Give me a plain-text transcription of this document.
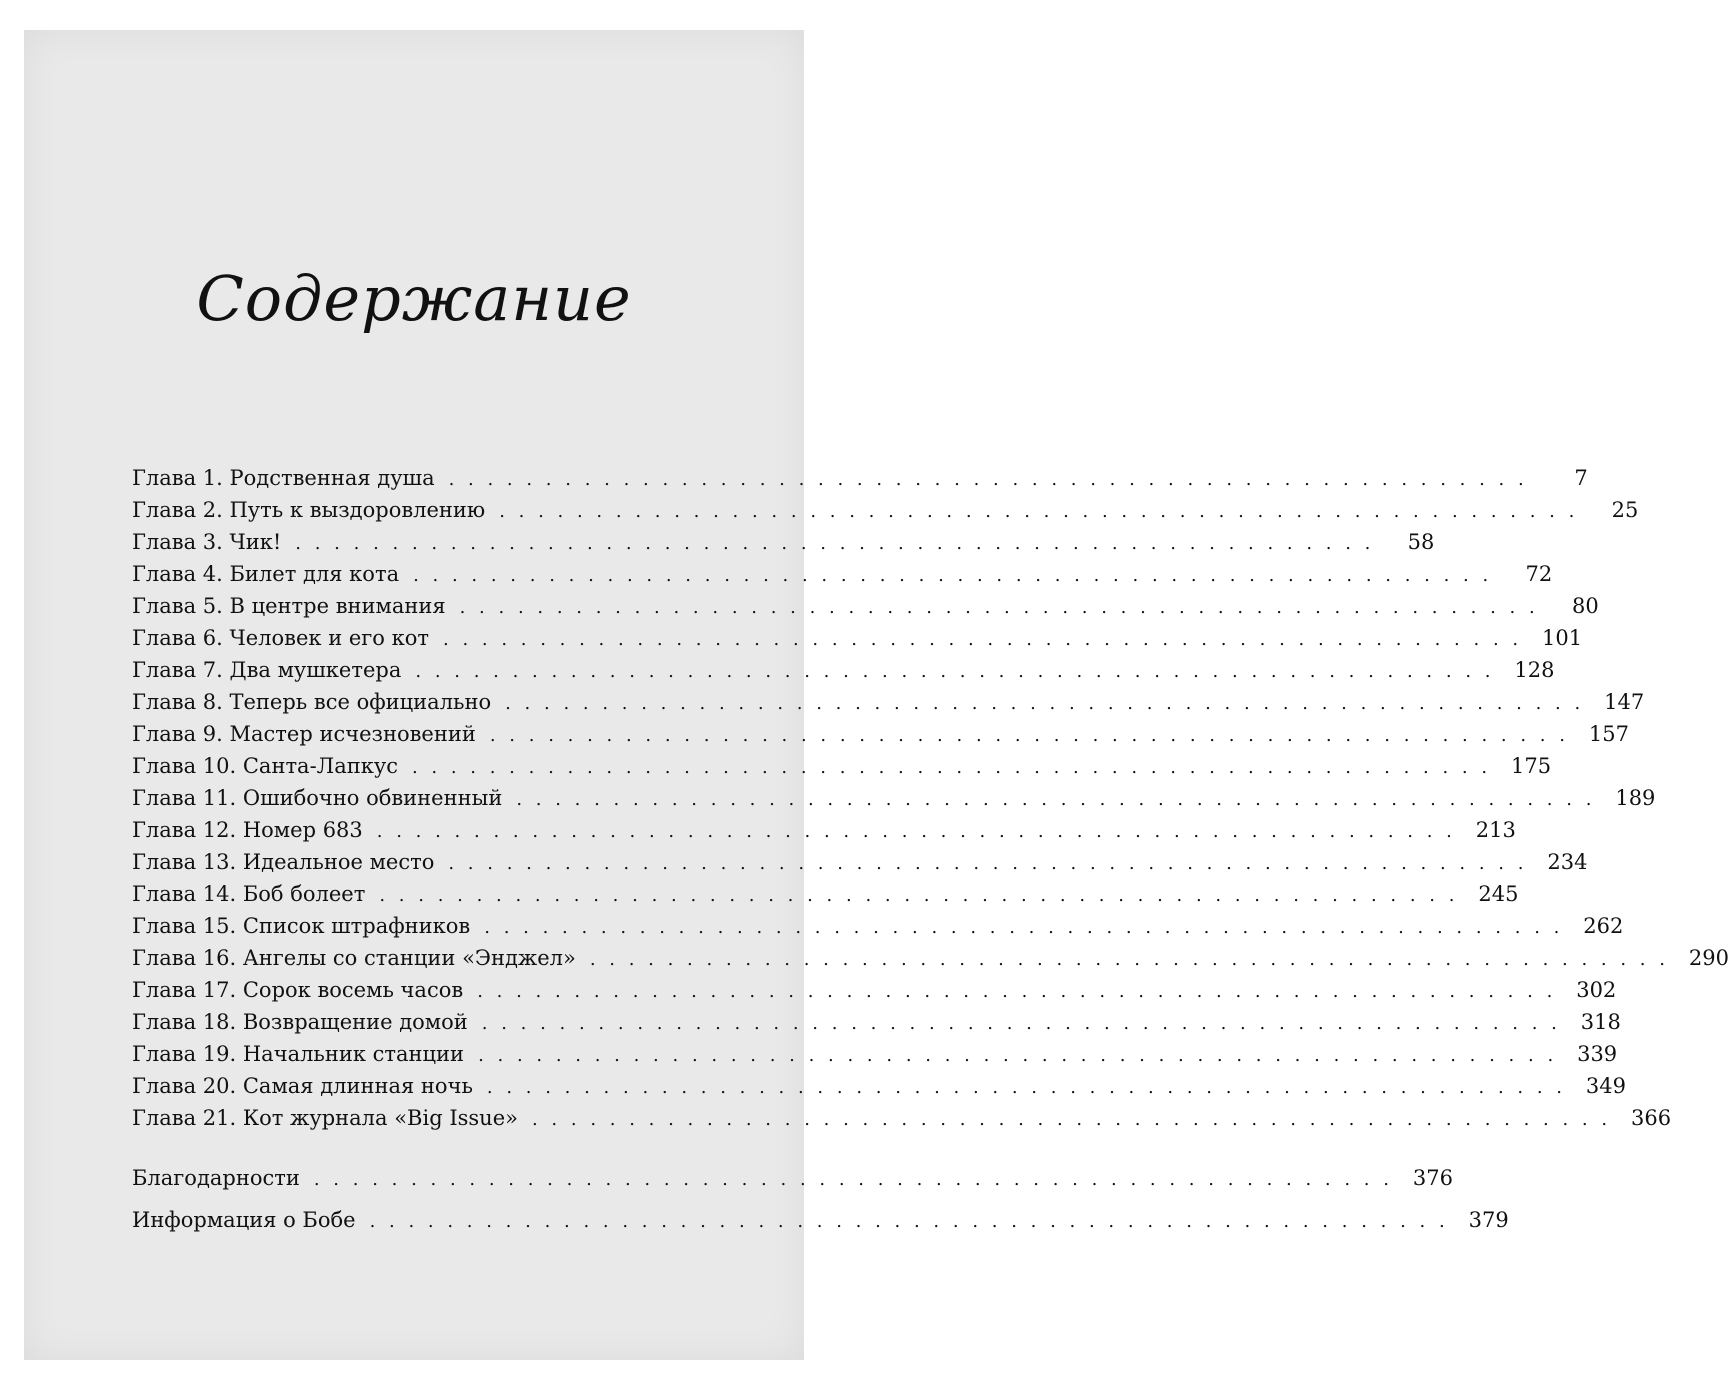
Содержание
Глава 1. Родственная душа . . . . . . . . . . . . . . . . . . . . . . . . . . . . . . . . . . . . . . . . . . . . . . . . . . . . . . . .	7
Глава 2. Путь к выздоровлению . . . . . . . . . . . . . . . . . . . . . . . . . . . . . . . . . . . . . . . . . . . . . . . . . . . . . . . .	25
Глава 3. Чик! . . . . . . . . . . . . . . . . . . . . . . . . . . . . . . . . . . . . . . . . . . . . . . . . . . . . . . . .	58
Глава 4. Билет для кота . . . . . . . . . . . . . . . . . . . . . . . . . . . . . . . . . . . . . . . . . . . . . . . . . . . . . . . .	72
Глава 5. В центре внимания . . . . . . . . . . . . . . . . . . . . . . . . . . . . . . . . . . . . . . . . . . . . . . . . . . . . . . . .	80
Глава 6. Человек и его кот . . . . . . . . . . . . . . . . . . . . . . . . . . . . . . . . . . . . . . . . . . . . . . . . . . . . . . . . 101
Глава 7. Два мушкетера . . . . . . . . . . . . . . . . . . . . . . . . . . . . . . . . . . . . . . . . . . . . . . . . . . . . . . . . 128
Глава 8. Теперь все официально . . . . . . . . . . . . . . . . . . . . . . . . . . . . . . . . . . . . . . . . . . . . . . . . . . . . . . . . 147
Глава 9. Мастер исчезновений . . . . . . . . . . . . . . . . . . . . . . . . . . . . . . . . . . . . . . . . . . . . . . . . . . . . . . . . 157
Глава 10. Санта-Лапкус . . . . . . . . . . . . . . . . . . . . . . . . . . . . . . . . . . . . . . . . . . . . . . . . . . . . . . . . 175
Глава 11. Ошибочно обвиненный . . . . . . . . . . . . . . . . . . . . . . . . . . . . . . . . . . . . . . . . . . . . . . . . . . . . . . . . 189
Глава 12. Номер 683 . . . . . . . . . . . . . . . . . . . . . . . . . . . . . . . . . . . . . . . . . . . . . . . . . . . . . . . . 213
Глава 13. Идеальное место . . . . . . . . . . . . . . . . . . . . . . . . . . . . . . . . . . . . . . . . . . . . . . . . . . . . . . . . 234
Глава 14. Боб болеет . . . . . . . . . . . . . . . . . . . . . . . . . . . . . . . . . . . . . . . . . . . . . . . . . . . . . . . . 245
Глава 15. Список штрафников . . . . . . . . . . . . . . . . . . . . . . . . . . . . . . . . . . . . . . . . . . . . . . . . . . . . . . . . 262
Глава 16. Ангелы со станции «Энджел» . . . . . . . . . . . . . . . . . . . . . . . . . . . . . . . . . . . . . . . . . . . . . . . . . . . . . . . . 290
Глава 17. Сорок восемь часов . . . . . . . . . . . . . . . . . . . . . . . . . . . . . . . . . . . . . . . . . . . . . . . . . . . . . . . . 302
Глава 18. Возвращение домой . . . . . . . . . . . . . . . . . . . . . . . . . . . . . . . . . . . . . . . . . . . . . . . . . . . . . . . . 318
Глава 19. Начальник станции . . . . . . . . . . . . . . . . . . . . . . . . . . . . . . . . . . . . . . . . . . . . . . . . . . . . . . . . 339
Глава 20. Самая длинная ночь . . . . . . . . . . . . . . . . . . . . . . . . . . . . . . . . . . . . . . . . . . . . . . . . . . . . . . . . 349
Глава 21. Кот журнала «Big Issue» . . . . . . . . . . . . . . . . . . . . . . . . . . . . . . . . . . . . . . . . . . . . . . . . . . . . . . . . 366
Благодарности . . . . . . . . . . . . . . . . . . . . . . . . . . . . . . . . . . . . . . . . . . . . . . . . . . . . . . . . 376
Информация о Бобе . . . . . . . . . . . . . . . . . . . . . . . . . . . . . . . . . . . . . . . . . . . . . . . . . . . . . . . . 379
